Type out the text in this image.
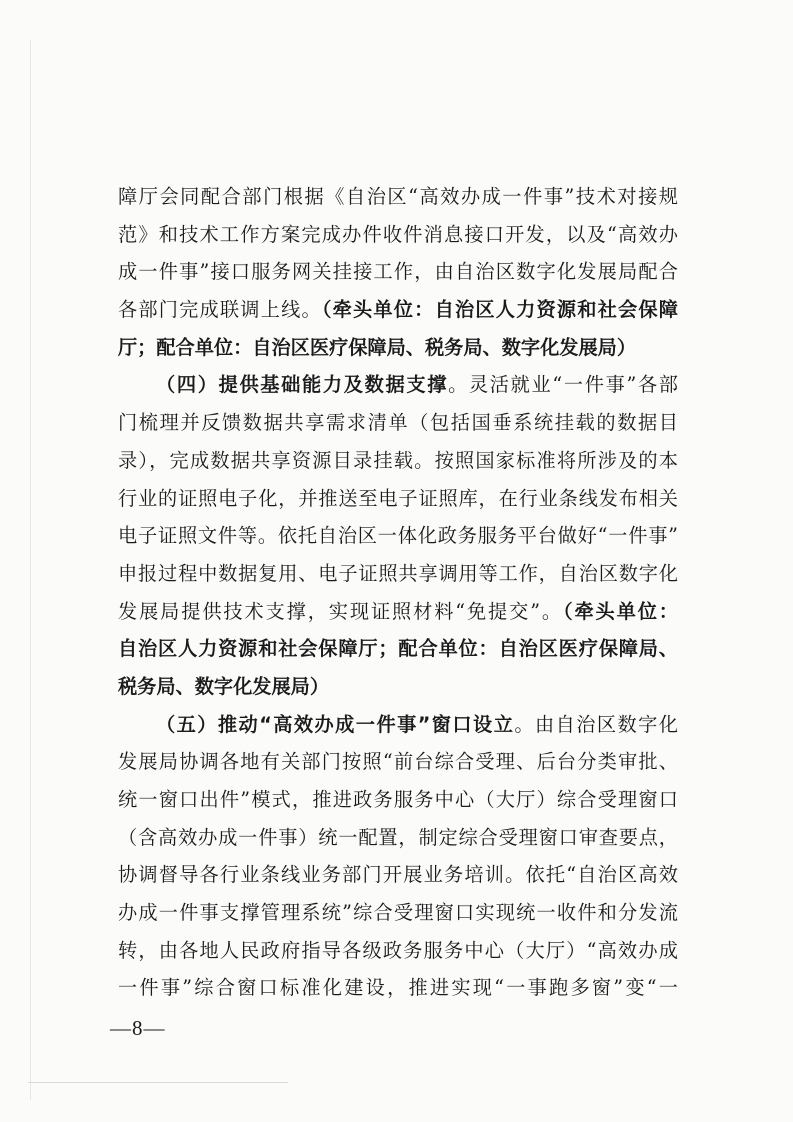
障厅会同配合部门根据《自治区“高效办成一件事”技术对接规
范》和技术工作方案完成办件收件消息接口开发，以及“高效办
成一件事”接口服务网关挂接工作，由自治区数字化发展局配合
各部门完成联调上线。（牵头单位：自治区人力资源和社会保障
厅；配合单位：自治区医疗保障局、税务局、数字化发展局）
（四）提供基础能力及数据支撑。灵活就业“一件事”各部
门梳理并反馈数据共享需求清单（包括国垂系统挂载的数据目
录），完成数据共享资源目录挂载。按照国家标准将所涉及的本
行业的证照电子化，并推送至电子证照库，在行业条线发布相关
电子证照文件等。依托自治区一体化政务服务平台做好“一件事”
申报过程中数据复用、电子证照共享调用等工作，自治区数字化
发展局提供技术支撑，实现证照材料“免提交”。（牵头单位：
自治区人力资源和社会保障厅；配合单位：自治区医疗保障局、
税务局、数字化发展局）
（五）推动“高效办成一件事”窗口设立。由自治区数字化
发展局协调各地有关部门按照“前台综合受理、后台分类审批、
统一窗口出件”模式，推进政务服务中心（大厅）综合受理窗口
（含高效办成一件事）统一配置，制定综合受理窗口审查要点，
协调督导各行业条线业务部门开展业务培训。依托“自治区高效
办成一件事支撑管理系统”综合受理窗口实现统一收件和分发流
转，由各地人民政府指导各级政务服务中心（大厅）“高效办成
一件事”综合窗口标准化建设，推进实现“一事跑多窗”变“一
—8—
